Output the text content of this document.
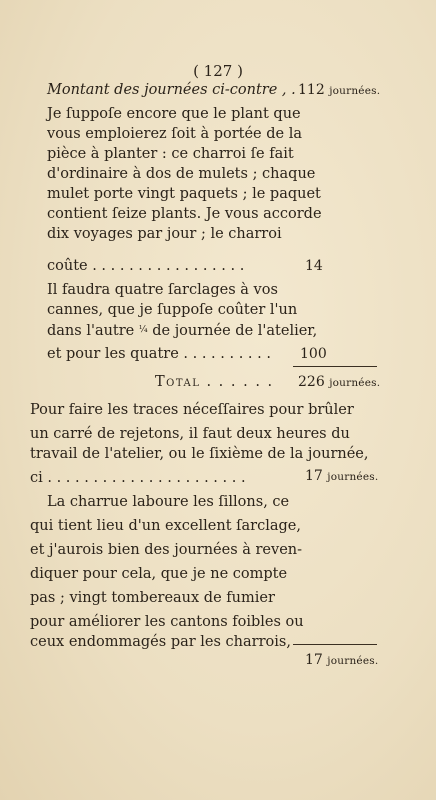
( 127 )
Montant des journées ci-contre , . .
112 journées.
Je ſuppoſe encore que le plant que
vous emploierez ſoit à portée de la
pièce à planter : ce charroi ſe fait
d'ordinaire à dos de mulets ; chaque
mulet porte vingt paquets ; le paquet
contient ſeize plants. Je vous accorde
dix voyages par jour ; le charroi
coûte . . . . . . . . . . . . . . . . .	14
Il faudra quatre ſarclages à vos
cannes, que je ſuppoſe coûter l'un
dans l'autre $^{\frac{1}{4}}$ de journée de l'atelier,
et pour les quatre . . . . . . . . . .	100
Total . . . . . . 226 journées.
Pour faire les traces néceſſaires pour brûler
un carré de rejetons, il faut deux heures du
travail de l'atelier, ou le ſixième de la journée,
ci . . . . . . . . . . . . . . . . . . . . . .	17 journées.
La charrue laboure les ſillons, ce
qui tient lieu d'un excellent ſarclage,
et j'aurois bien des journées à reven-
diquer pour cela, que je ne compte
pas ; vingt tombereaux de fumier
pour améliorer les cantons foibles ou
ceux endommagés par les charrois,
17 journées.
